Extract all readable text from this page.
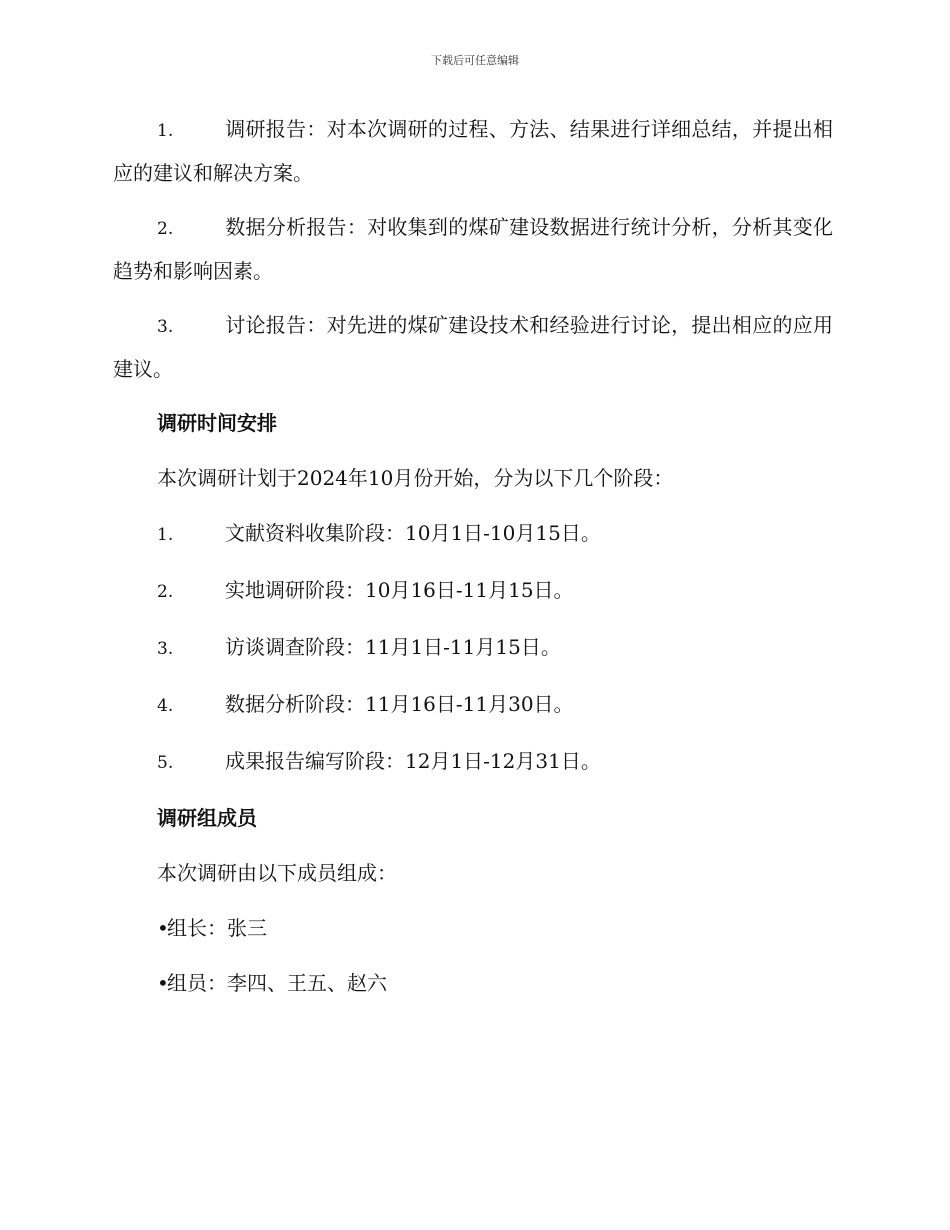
下载后可任意编辑
1.	调研报告：对本次调研的过程、方法、结果进行详细总结，并提出相应的建议和解决方案。
2.	数据分析报告：对收集到的煤矿建设数据进行统计分析，分析其变化趋势和影响因素。
3.	讨论报告：对先进的煤矿建设技术和经验进行讨论，提出相应的应用建议。
调研时间安排
本次调研计划于2024年10月份开始，分为以下几个阶段：
1.	文献资料收集阶段：10月1日-10月15日。
2.	实地调研阶段：10月16日-11月15日。
3.	访谈调查阶段：11月1日-11月15日。
4.	数据分析阶段：11月16日-11月30日。
5.	成果报告编写阶段：12月1日-12月31日。
调研组成员
本次调研由以下成员组成：
•组长：张三
•组员：李四、王五、赵六
